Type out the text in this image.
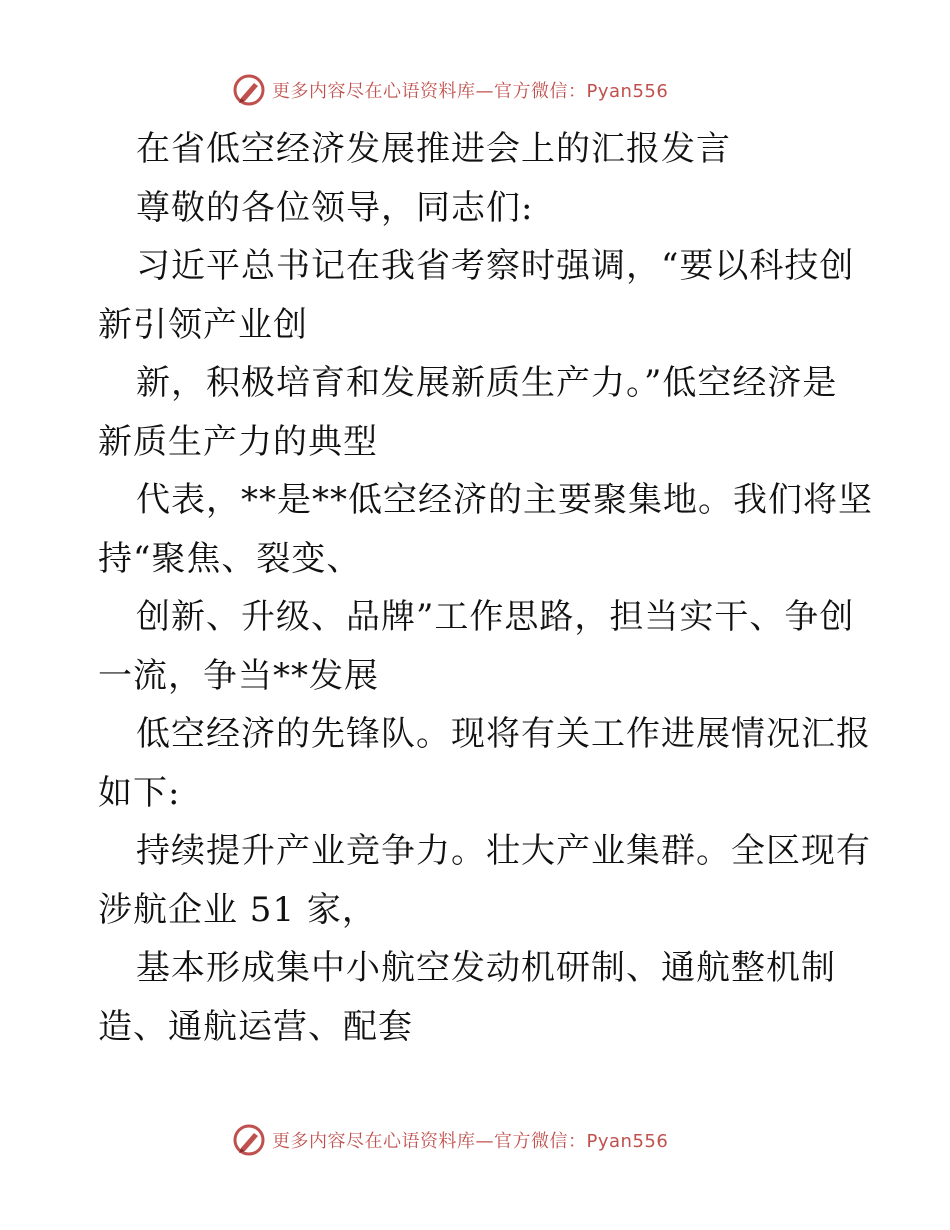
更多内容尽在心语资料库—官方微信：Pyan556
在省低空经济发展推进会上的汇报发言
尊敬的各位领导，同志们:
习近平总书记在我省考察时强调，“要以科技创
新引领产业创
新，积极培育和发展新质生产力。”低空经济是
新质生产力的典型
代表，**是**低空经济的主要聚集地。我们将坚
持“聚焦、裂变、
创新、升级、品牌”工作思路，担当实干、争创
一流，争当**发展
低空经济的先锋队。现将有关工作进展情况汇报
如下:
持续提升产业竞争力。壮大产业集群。全区现有
涉航企业 51 家，
基本形成集中小航空发动机研制、通航整机制
造、通航运营、配套
更多内容尽在心语资料库—官方微信：Pyan556
